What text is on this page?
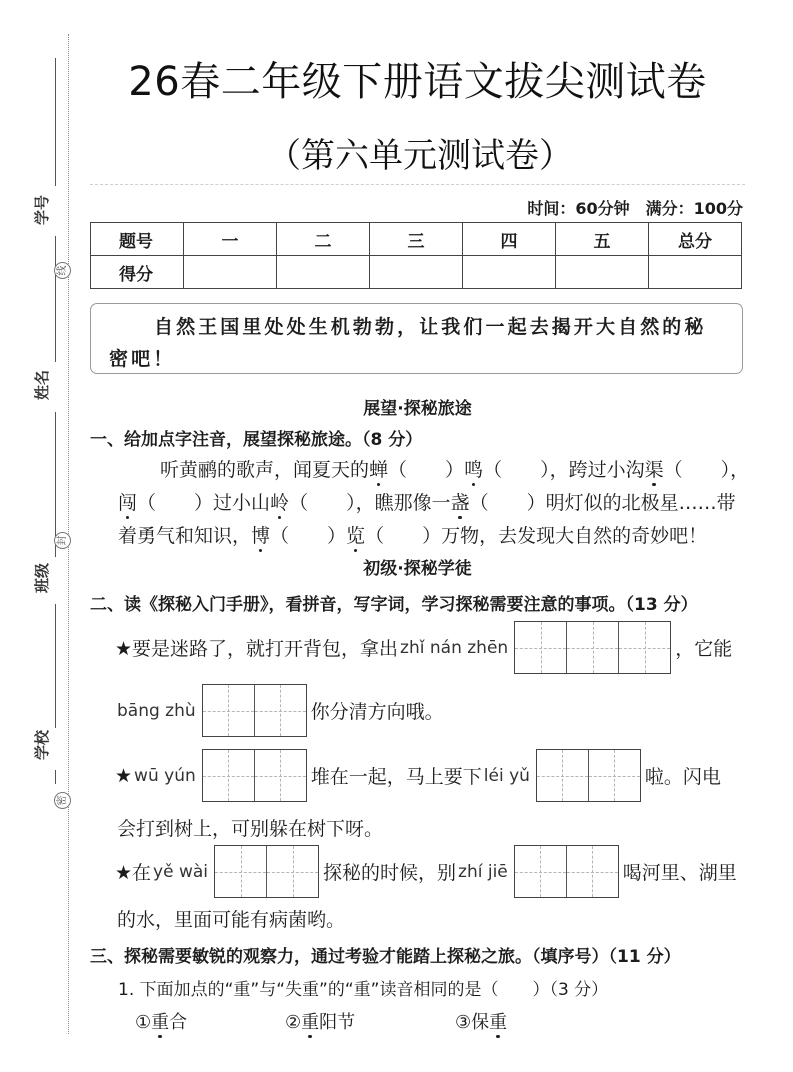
学号
线
姓名
封
班级
学校
密
26春二年级下册语文拔尖测试卷
（第六单元测试卷）
时间：60分钟　满分：100分
题号	一	二	三	四	五	总分
得分						
自然王国里处处生机勃勃，让我们一起去揭开大自然的秘
密吧！
展望·探秘旅途
一、给加点字注音，展望探秘旅途。（8 分）
听黄鹂的歌声，闻夏天的蝉（　　）鸣（　　），跨过小沟渠（　　），
闯（　　）过小山岭（　　），瞧那像一盏（　　）明灯似的北极星……带
着勇气和知识，博（　　）览（　　）万物，去发现大自然的奇妙吧！
初级·探秘学徒
二、读《探秘入门手册》，看拼音，写字词，学习探秘需要注意的事项。（13 分）
★要是迷路了，就打开背包，拿出 zhǐ nán zhēn	，它能
bāng zhù	你分清方向哦。
★ wū yún	堆在一起，马上要下 léi yǔ	啦。闪电
会打到树上，可别躲在树下呀。
★在 yě wài	探秘的时候，别 zhí jiē	喝河里、湖里
的水，里面可能有病菌哟。
三、探秘需要敏锐的观察力，通过考验才能踏上探秘之旅。（填序号）（11 分）
1. 下面加点的“重”与“失重”的“重”读音相同的是（　　）（3 分）
①重合	②重阳节	③保重
